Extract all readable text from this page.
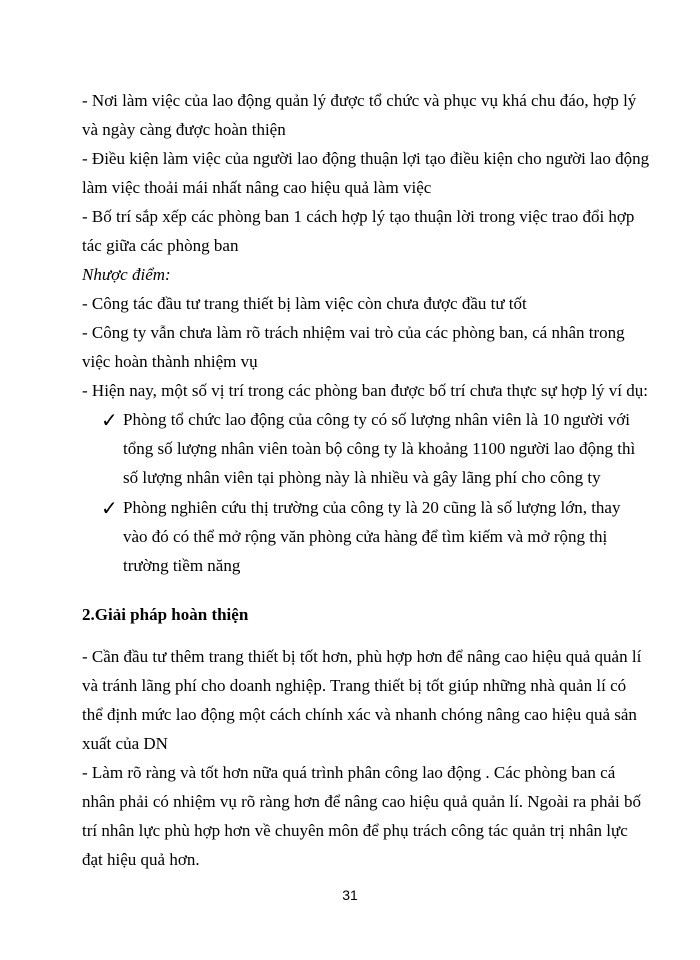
- Nơi làm việc của lao động quản lý được tổ chức và phục vụ khá chu đáo, hợp lý
và ngày càng được hoàn thiện
- Điều kiện làm việc của người lao động thuận lợi tạo điều kiện cho người lao động
làm việc thoải mái nhất nâng cao hiệu quả làm việc
- Bố trí sắp xếp các phòng ban 1 cách hợp lý tạo thuận lời trong việc trao đổi hợp
tác giữa các phòng ban
Nhược điểm:
- Công tác đầu tư trang thiết bị làm việc còn chưa được đầu tư tốt
- Công ty vẫn chưa làm rõ trách nhiệm vai trò của các phòng ban, cá nhân trong
việc hoàn thành nhiệm vụ
- Hiện nay, một số vị trí trong các phòng ban được bố trí chưa thực sự hợp lý ví dụ:
✓ Phòng tổ chức lao động của công ty có số lượng nhân viên là 10 người với
tổng số lượng nhân viên toàn bộ công ty là khoảng 1100 người lao động thì
số lượng nhân viên tại phòng này là nhiều và gây lãng phí cho công ty
✓ Phòng nghiên cứu thị trường của công ty là 20 cũng là số lượng lớn, thay
vào đó có thể mở rộng văn phòng cửa hàng để tìm kiếm và mở rộng thị
trường tiềm năng
2.Giải pháp hoàn thiện
- Cần đầu tư thêm trang thiết bị tốt hơn, phù hợp hơn để nâng cao hiệu quả quản lí
và tránh lãng phí cho doanh nghiệp. Trang thiết bị tốt giúp những nhà quản lí có
thể định mức lao động một cách chính xác và nhanh chóng nâng cao hiệu quả sản
xuất của DN
- Làm rõ ràng và tốt hơn nữa quá trình phân công lao động . Các phòng ban cá
nhân phải có nhiệm vụ rõ ràng hơn để nâng cao hiệu quả quản lí. Ngoài ra phải bố
trí nhân lực phù hợp hơn về chuyên môn để phụ trách công tác quản trị nhân lực
đạt hiệu quả hơn.
31
